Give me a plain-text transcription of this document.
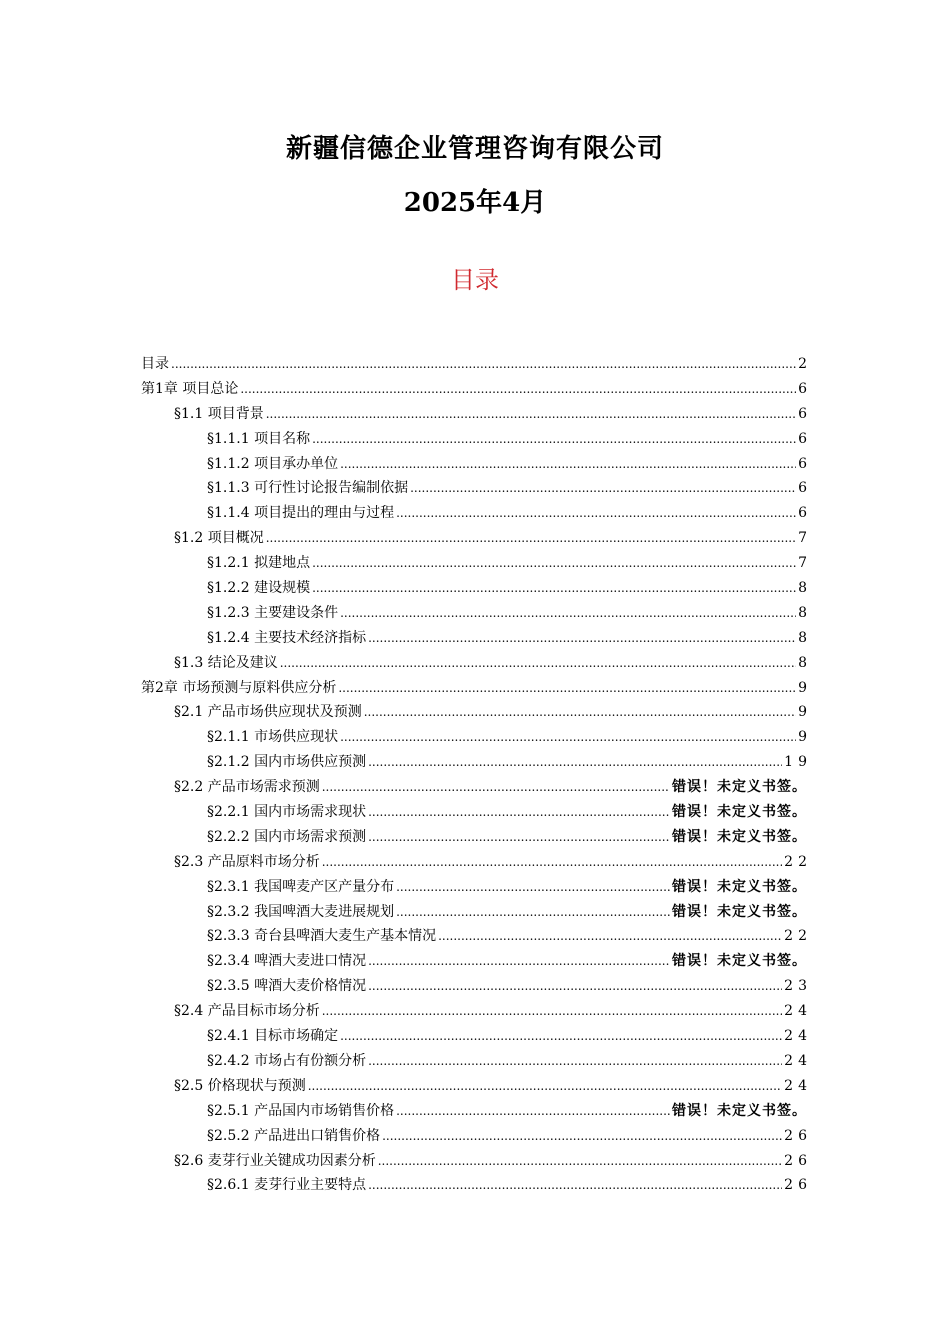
新疆信德企业管理咨询有限公司
2025年4月
目录
目录 .....	2
第1章 项目总论 .....	6
§1.1 项目背景 .....	6
§1.1.1 项目名称 .....	6
§1.1.2 项目承办单位 .....	6
§1.1.3 可行性讨论报告编制依据 .....	6
§1.1.4 项目提出的理由与过程 .....	6
§1.2 项目概况 .....	7
§1.2.1 拟建地点 .....	7
§1.2.2 建设规模 .....	8
§1.2.3 主要建设条件 .....	8
§1.2.4 主要技术经济指标 .....	8
§1.3 结论及建议 .....	8
第2章 市场预测与原料供应分析 .....	9
§2.1 产品市场供应现状及预测 .....	9
§2.1.1 市场供应现状 .....	9
§2.1.2 国内市场供应预测 .....	19
§2.2 产品市场需求预测 .....	错误！未定义书签。
§2.2.1 国内市场需求现状 .....	错误！未定义书签。
§2.2.2 国内市场需求预测 .....	错误！未定义书签。
§2.3 产品原料市场分析 .....	22
§2.3.1 我国啤麦产区产量分布 .....	错误！未定义书签。
§2.3.2 我国啤酒大麦进展规划 .....	错误！未定义书签。
§2.3.3 奇台县啤酒大麦生产基本情况 .....	22
§2.3.4 啤酒大麦进口情况 .....	错误！未定义书签。
§2.3.5 啤酒大麦价格情况 .....	23
§2.4 产品目标市场分析 .....	24
§2.4.1 目标市场确定 .....	24
§2.4.2 市场占有份额分析 .....	24
§2.5 价格现状与预测 .....	24
§2.5.1 产品国内市场销售价格 .....	错误！未定义书签。
§2.5.2 产品进出口销售价格 .....	26
§2.6 麦芽行业关键成功因素分析 .....	26
§2.6.1 麦芽行业主要特点 .....	26
